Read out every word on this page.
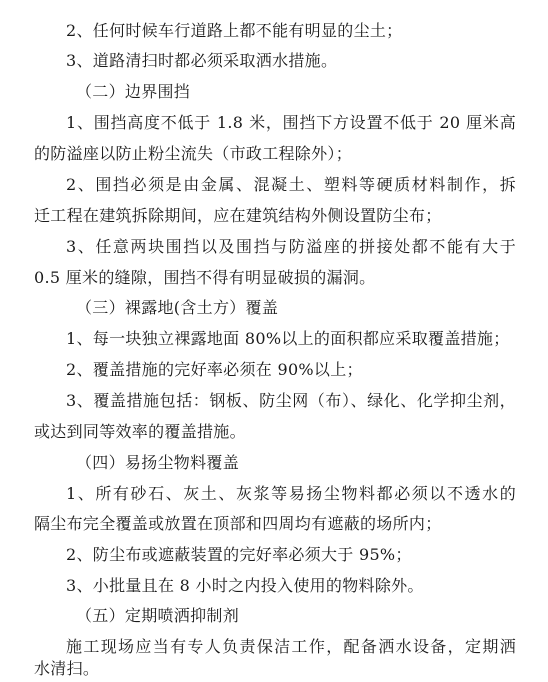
2、任何时候车行道路上都不能有明显的尘土；
3、道路清扫时都必须采取洒水措施。
（二）边界围挡
1、围挡高度不低于 1.8 米，围挡下方设置不低于 20 厘米高
的防溢座以防止粉尘流失（市政工程除外）；
2、围挡必须是由金属、混凝土、塑料等硬质材料制作，拆
迁工程在建筑拆除期间，应在建筑结构外侧设置防尘布；
3、任意两块围挡以及围挡与防溢座的拼接处都不能有大于
0.5 厘米的缝隙，围挡不得有明显破损的漏洞。
（三）裸露地(含土方）覆盖
1、每一块独立裸露地面 80%以上的面积都应采取覆盖措施；
2、覆盖措施的完好率必须在 90%以上；
3、覆盖措施包括：钢板、防尘网（布）、绿化、化学抑尘剂，
或达到同等效率的覆盖措施。
（四）易扬尘物料覆盖
1、所有砂石、灰土、灰浆等易扬尘物料都必须以不透水的
隔尘布完全覆盖或放置在顶部和四周均有遮蔽的场所内；
2、防尘布或遮蔽装置的完好率必须大于 95%；
3、小批量且在 8 小时之内投入使用的物料除外。
（五）定期喷洒抑制剂
施工现场应当有专人负责保洁工作，配备洒水设备，定期洒
水清扫。
